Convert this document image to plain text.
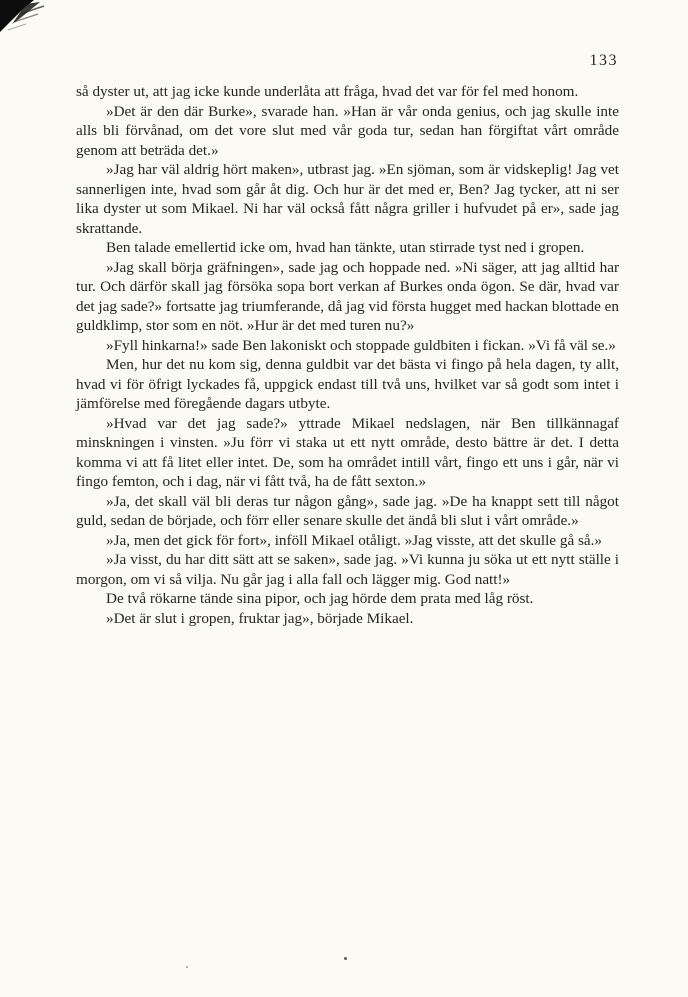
133

så dyster ut, att jag icke kunde underlåta att fråga, hvad det var för fel med honom.

»Det är den där Burke», svarade han. »Han är vår onda genius, och jag skulle inte alls bli förvånad, om det vore slut med vår goda tur, sedan han förgiftat vårt område genom att beträda det.»

»Jag har väl aldrig hört maken», utbrast jag. »En sjöman, som är vidskeplig! Jag vet sannerligen inte, hvad som går åt dig. Och hur är det med er, Ben? Jag tycker, att ni ser lika dyster ut som Mikael. Ni har väl också fått några griller i hufvudet på er», sade jag skrattande.

Ben talade emellertid icke om, hvad han tänkte, utan stirrade tyst ned i gropen.

»Jag skall börja gräfningen», sade jag och hoppade ned. »Ni säger, att jag alltid har tur. Och därför skall jag försöka sopa bort verkan af Burkes onda ögon. Se där, hvad var det jag sade?» fortsatte jag triumferande, då jag vid första hugget med hackan blottade en guldklimp, stor som en nöt. »Hur är det med turen nu?»

»Fyll hinkarna!» sade Ben lakoniskt och stoppade guldbiten i fickan. »Vi få väl se.»

Men, hur det nu kom sig, denna guldbit var det bästa vi fingo på hela dagen, ty allt, hvad vi för öfrigt lyckades få, uppgick endast till två uns, hvilket var så godt som intet i jämförelse med föregående dagars utbyte.

»Hvad var det jag sade?» yttrade Mikael nedslagen, när Ben tillkännagaf minskningen i vinsten. »Ju förr vi staka ut ett nytt område, desto bättre är det. I detta komma vi att få litet eller intet. De, som ha området intill vårt, fingo ett uns i går, när vi fingo femton, och i dag, när vi fått två, ha de fått sexton.»

»Ja, det skall väl bli deras tur någon gång», sade jag. »De ha knappt sett till något guld, sedan de började, och förr eller senare skulle det ändå bli slut i vårt område.»

»Ja, men det gick för fort», inföll Mikael otåligt. »Jag visste, att det skulle gå så.»

»Ja visst, du har ditt sätt att se saken», sade jag. »Vi kunna ju söka ut ett nytt ställe i morgon, om vi så vilja. Nu går jag i alla fall och lägger mig. God natt!»

De två rökarne tände sina pipor, och jag hörde dem prata med låg röst.

»Det är slut i gropen, fruktar jag», började Mikael.
